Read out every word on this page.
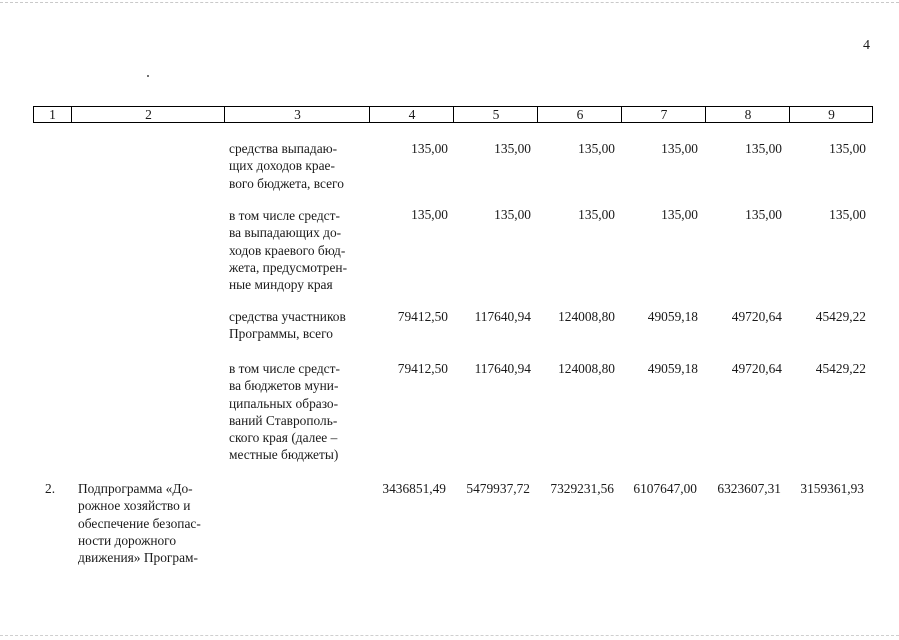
4
1	2	3	4	5	6	7	8	9
средства выпадаю-
щих доходов крае-
вого бюджета, всего
135,00	135,00	135,00	135,00	135,00	135,00
в том числе средст-
ва выпадающих до-
ходов краевого бюд-
жета, предусмотрен-
ные миндору края
135,00	135,00	135,00	135,00	135,00	135,00
средства участников
Программы, всего
79412,50	117640,94	124008,80	49059,18	49720,64	45429,22
в том числе средст-
ва бюджетов муни-
ципальных образо-
ваний Ставрополь-
ского края (далее –
местные бюджеты)
79412,50	117640,94	124008,80	49059,18	49720,64	45429,22
2. Подпрограмма «До-
рожное хозяйство и
обеспечение безопас-
ности дорожного
движения» Програм-
3436851,49	5479937,72	7329231,56	6107647,00	6323607,31	3159361,93
